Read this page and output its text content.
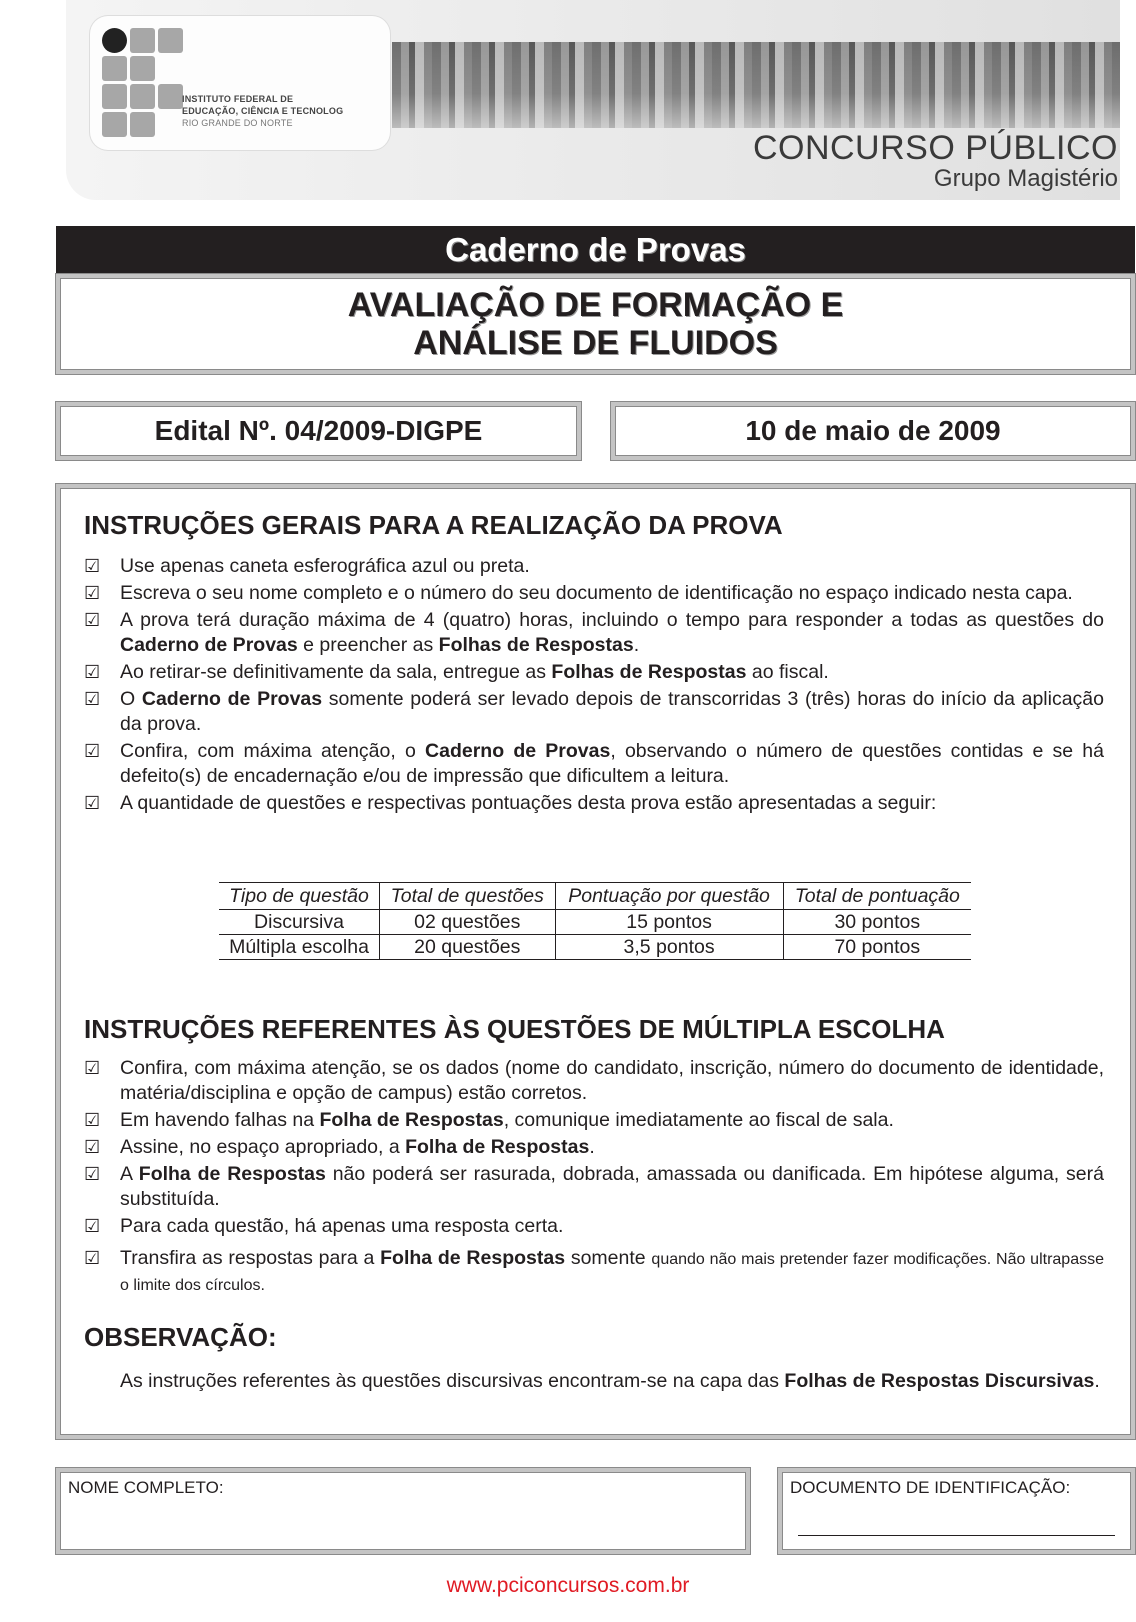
INSTITUTO FEDERAL DE
EDUCAÇÃO, CIÊNCIA E TECNOLOG
RIO GRANDE DO NORTE
CONCURSO PÚBLICO
Grupo Magistério
Caderno de Provas
AVALIAÇÃO DE FORMAÇÃO E
ANÁLISE DE FLUIDOS
Edital Nº. 04/2009-DIGPE	10 de maio de 2009
INSTRUÇÕES GERAIS PARA A REALIZAÇÃO DA PROVA
☑ Use apenas caneta esferográfica azul ou preta.
☑ Escreva o seu nome completo e o número do seu documento de identificação no espaço indicado nesta capa.
☑ A prova terá duração máxima de 4 (quatro) horas, incluindo o tempo para responder a todas as questões do Caderno de Provas e preencher as Folhas de Respostas.
☑ Ao retirar-se definitivamente da sala, entregue as Folhas de Respostas ao fiscal.
☑ O Caderno de Provas somente poderá ser levado depois de transcorridas 3 (três) horas do início da aplicação da prova.
☑ Confira, com máxima atenção, o Caderno de Provas, observando o número de questões contidas e se há defeito(s) de encadernação e/ou de impressão que dificultem a leitura.
☑ A quantidade de questões e respectivas pontuações desta prova estão apresentadas a seguir:
Tipo de questão	Total de questões	Pontuação por questão	Total de pontuação
Discursiva	02 questões	15 pontos	30 pontos
Múltipla escolha	20 questões	3,5 pontos	70 pontos
INSTRUÇÕES REFERENTES ÀS QUESTÕES DE MÚLTIPLA ESCOLHA
☑ Confira, com máxima atenção, se os dados (nome do candidato, inscrição, número do documento de identidade, matéria/disciplina e opção de campus) estão corretos.
☑ Em havendo falhas na Folha de Respostas, comunique imediatamente ao fiscal de sala.
☑ Assine, no espaço apropriado, a Folha de Respostas.
☑ A Folha de Respostas não poderá ser rasurada, dobrada, amassada ou danificada. Em hipótese alguma, será substituída.
☑ Para cada questão, há apenas uma resposta certa.
☑ Transfira as respostas para a Folha de Respostas somente quando não mais pretender fazer modificações. Não ultrapasse o limite dos círculos.
OBSERVAÇÃO:
As instruções referentes às questões discursivas encontram-se na capa das Folhas de Respostas Discursivas.
NOME COMPLETO:	DOCUMENTO DE IDENTIFICAÇÃO:
www.pciconcursos.com.br
